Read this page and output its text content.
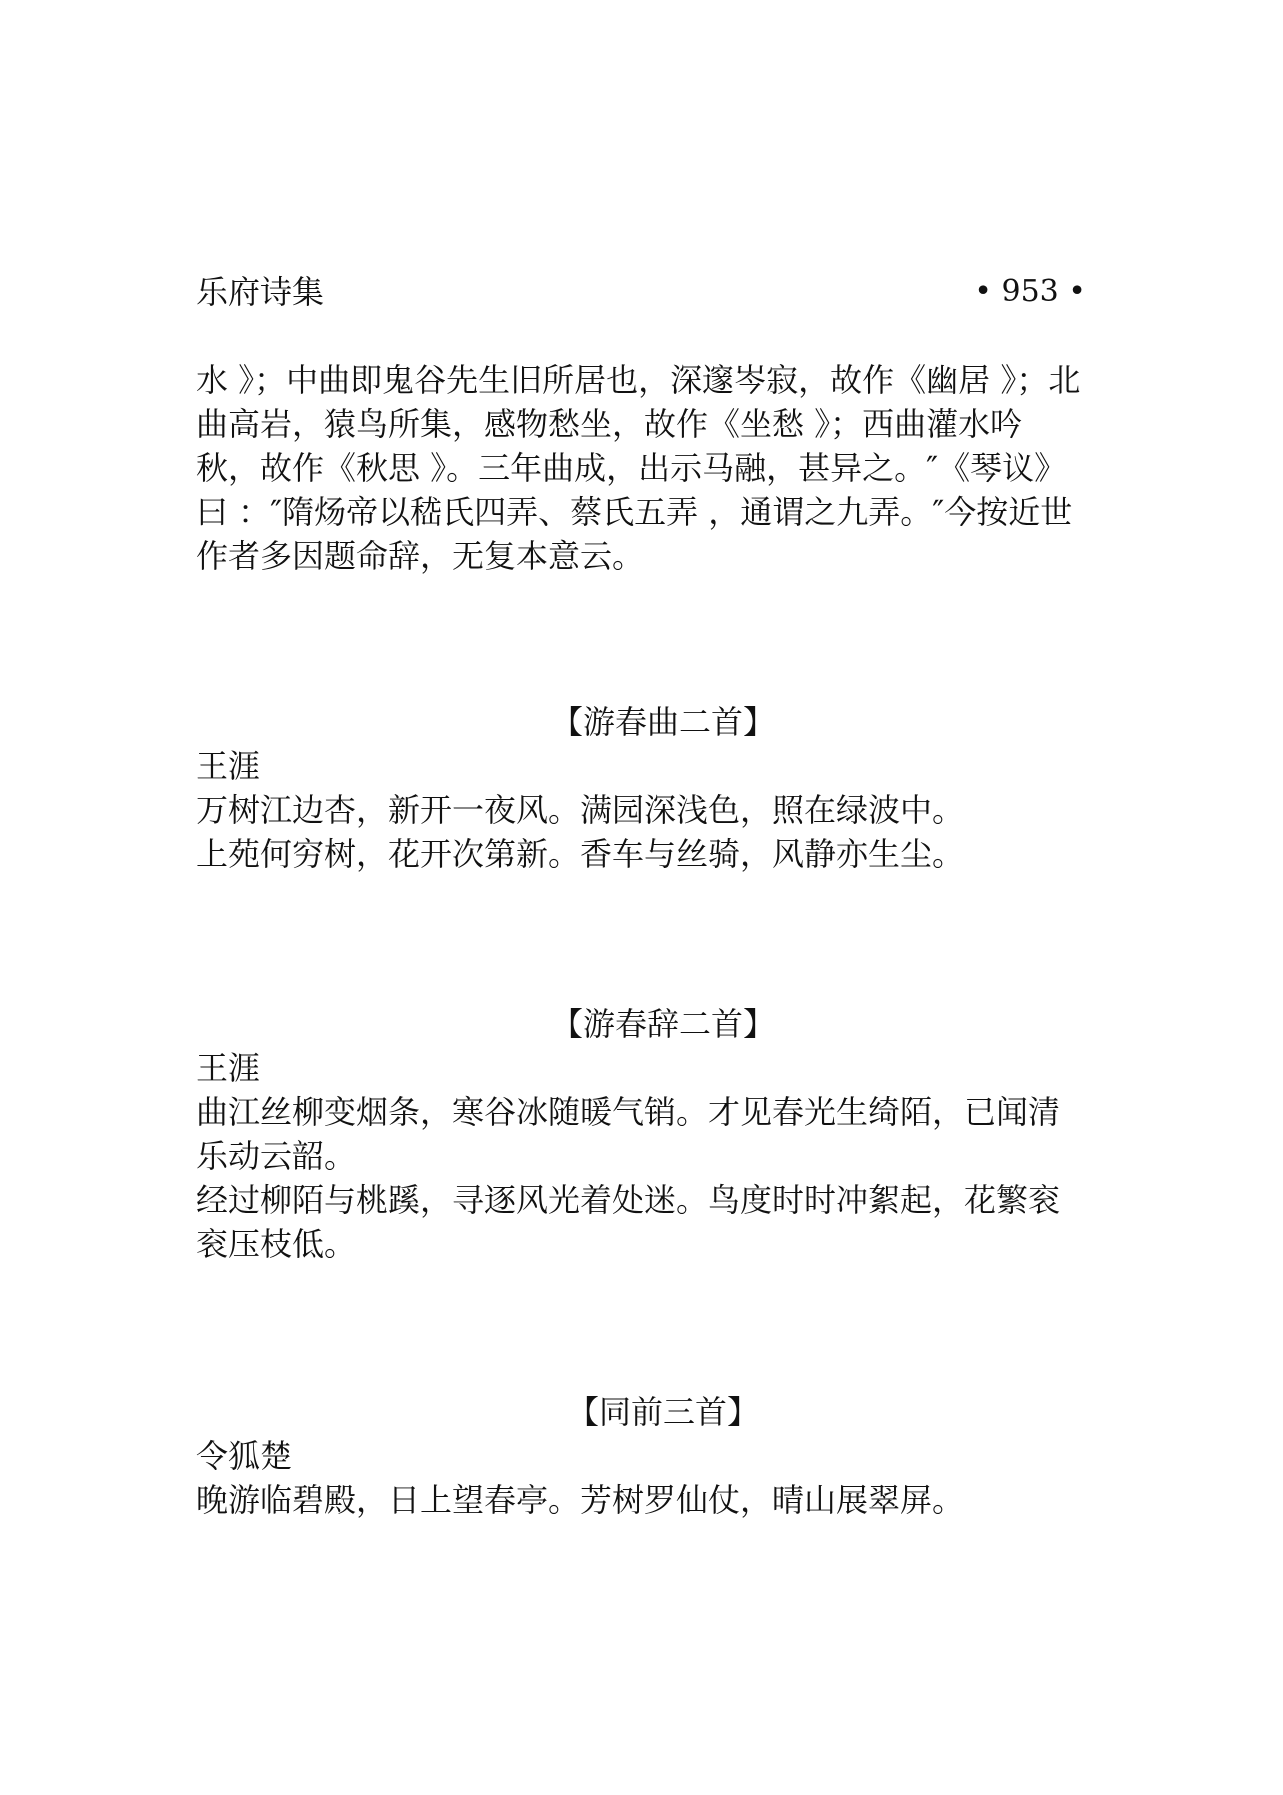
乐府诗集	• 953 •

水 》；中曲即鬼谷先生旧所居也，深邃岑寂，故作《幽居 》；北曲高岩，猿鸟所集，感物愁坐，故作《坐愁 》；西曲灌水吟秋，故作《秋思 》。三年曲成，出示马融，甚异之。″《琴议》曰 ：″隋炀帝以嵇氏四弄、蔡氏五弄 ，通谓之九弄。″今按近世作者多因题命辞，无复本意云。

【游春曲二首】

王涯

万树江边杏，新开一夜风。满园深浅色，照在绿波中。

上苑何穷树，花开次第新。香车与丝骑，风静亦生尘。

【游春辞二首】

王涯

曲江丝柳变烟条，寒谷冰随暖气销。才见春光生绮陌，已闻清乐动云韶。

经过柳陌与桃蹊，寻逐风光着处迷。鸟度时时冲絮起，花繁衮衮压枝低。

【同前三首】

令狐楚

晚游临碧殿，日上望春亭。芳树罗仙仗，晴山展翠屏。
